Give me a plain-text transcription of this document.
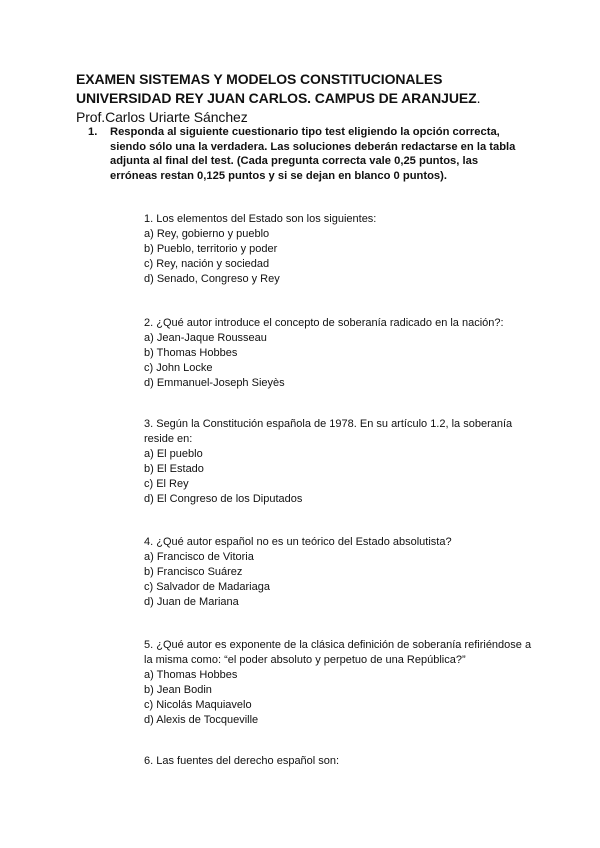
EXAMEN SISTEMAS Y MODELOS CONSTITUCIONALES UNIVERSIDAD REY JUAN CARLOS. CAMPUS DE ARANJUEZ. Prof.Carlos Uriarte Sánchez
1.	Responda al siguiente cuestionario tipo test eligiendo la opción correcta, siendo sólo una la verdadera. Las soluciones deberán redactarse en la tabla adjunta al final del test. (Cada pregunta correcta vale 0,25 puntos, las erróneas restan 0,125 puntos y si se dejan en blanco 0 puntos).
1. Los elementos del Estado son los siguientes:
a) Rey, gobierno y pueblo
b) Pueblo, territorio y poder
c) Rey, nación y sociedad
d) Senado, Congreso y Rey
2. ¿Qué autor introduce el concepto de soberanía radicado en la nación?:
a) Jean-Jaque Rousseau
b) Thomas Hobbes
c) John Locke
d) Emmanuel-Joseph Sieyès
3. Según la Constitución española de 1978. En su artículo 1.2, la soberanía reside en:
a) El pueblo
b) El Estado
c) El Rey
d) El Congreso de los Diputados
4. ¿Qué autor español no es un teórico del Estado absolutista?
a) Francisco de Vitoria
b) Francisco Suárez
c) Salvador de Madariaga
d) Juan de Mariana
5. ¿Qué autor es exponente de la clásica definición de soberanía refiriéndose a la misma como: “el poder absoluto y perpetuo de una República?”
a) Thomas Hobbes
b) Jean Bodin
c) Nicolás Maquiavelo
d) Alexis de Tocqueville
6. Las fuentes del derecho español son:
